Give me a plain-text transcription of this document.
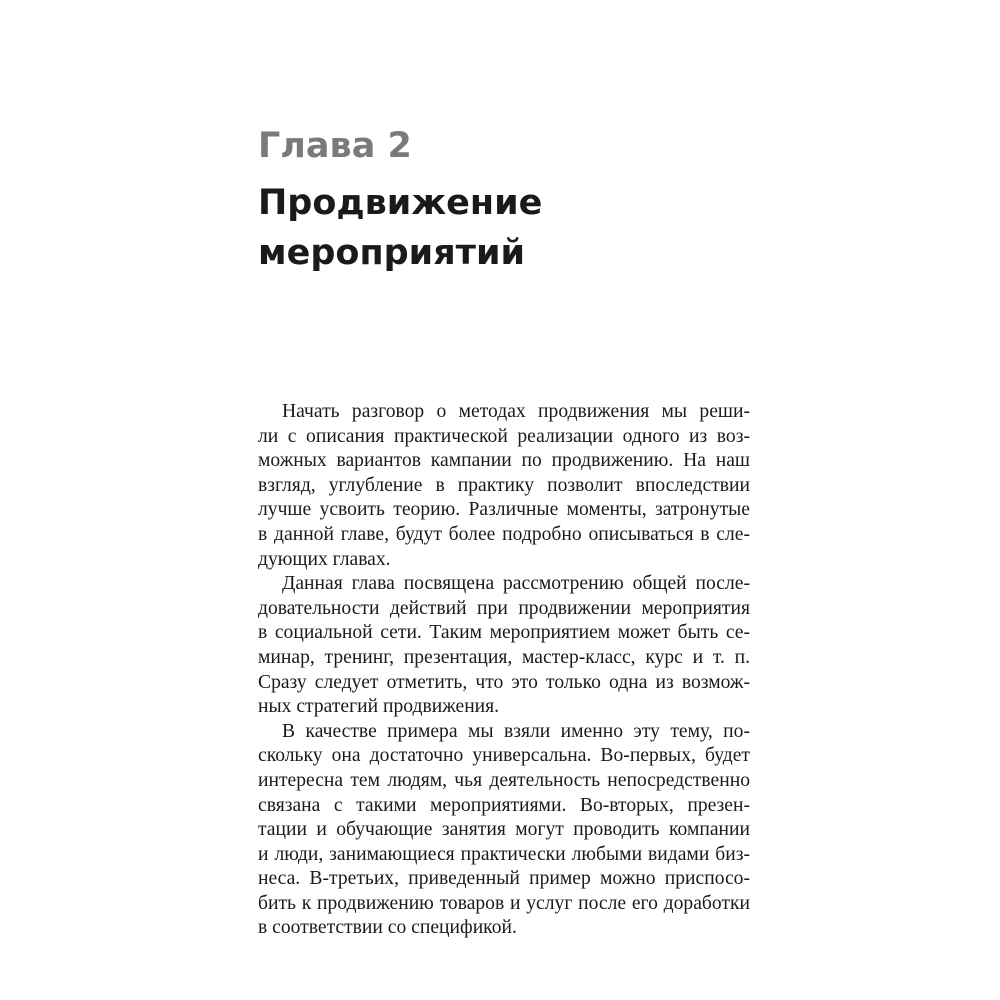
Глава 2
Продвижение
мероприятий

Начать разговор о методах продвижения мы реши-
ли с описания практической реализации одного из воз-
можных вариантов кампании по продвижению. На наш
взгляд, углубление в практику позволит впоследствии
лучше усвоить теорию. Различные моменты, затронутые
в данной главе, будут более подробно описываться в сле-
дующих главах.

Данная глава посвящена рассмотрению общей после-
довательности действий при продвижении мероприятия
в социальной сети. Таким мероприятием может быть се-
минар, тренинг, презентация, мастер-класс, курс и т. п.
Сразу следует отметить, что это только одна из возмож-
ных стратегий продвижения.

В качестве примера мы взяли именно эту тему, по-
скольку она достаточно универсальна. Во-первых, будет
интересна тем людям, чья деятельность непосредственно
связана с такими мероприятиями. Во-вторых, презен-
тации и обучающие занятия могут проводить компании
и люди, занимающиеся практически любыми видами биз-
неса. В-третьих, приведенный пример можно приспосо-
бить к продвижению товаров и услуг после его доработки
в соответствии со спецификой.
